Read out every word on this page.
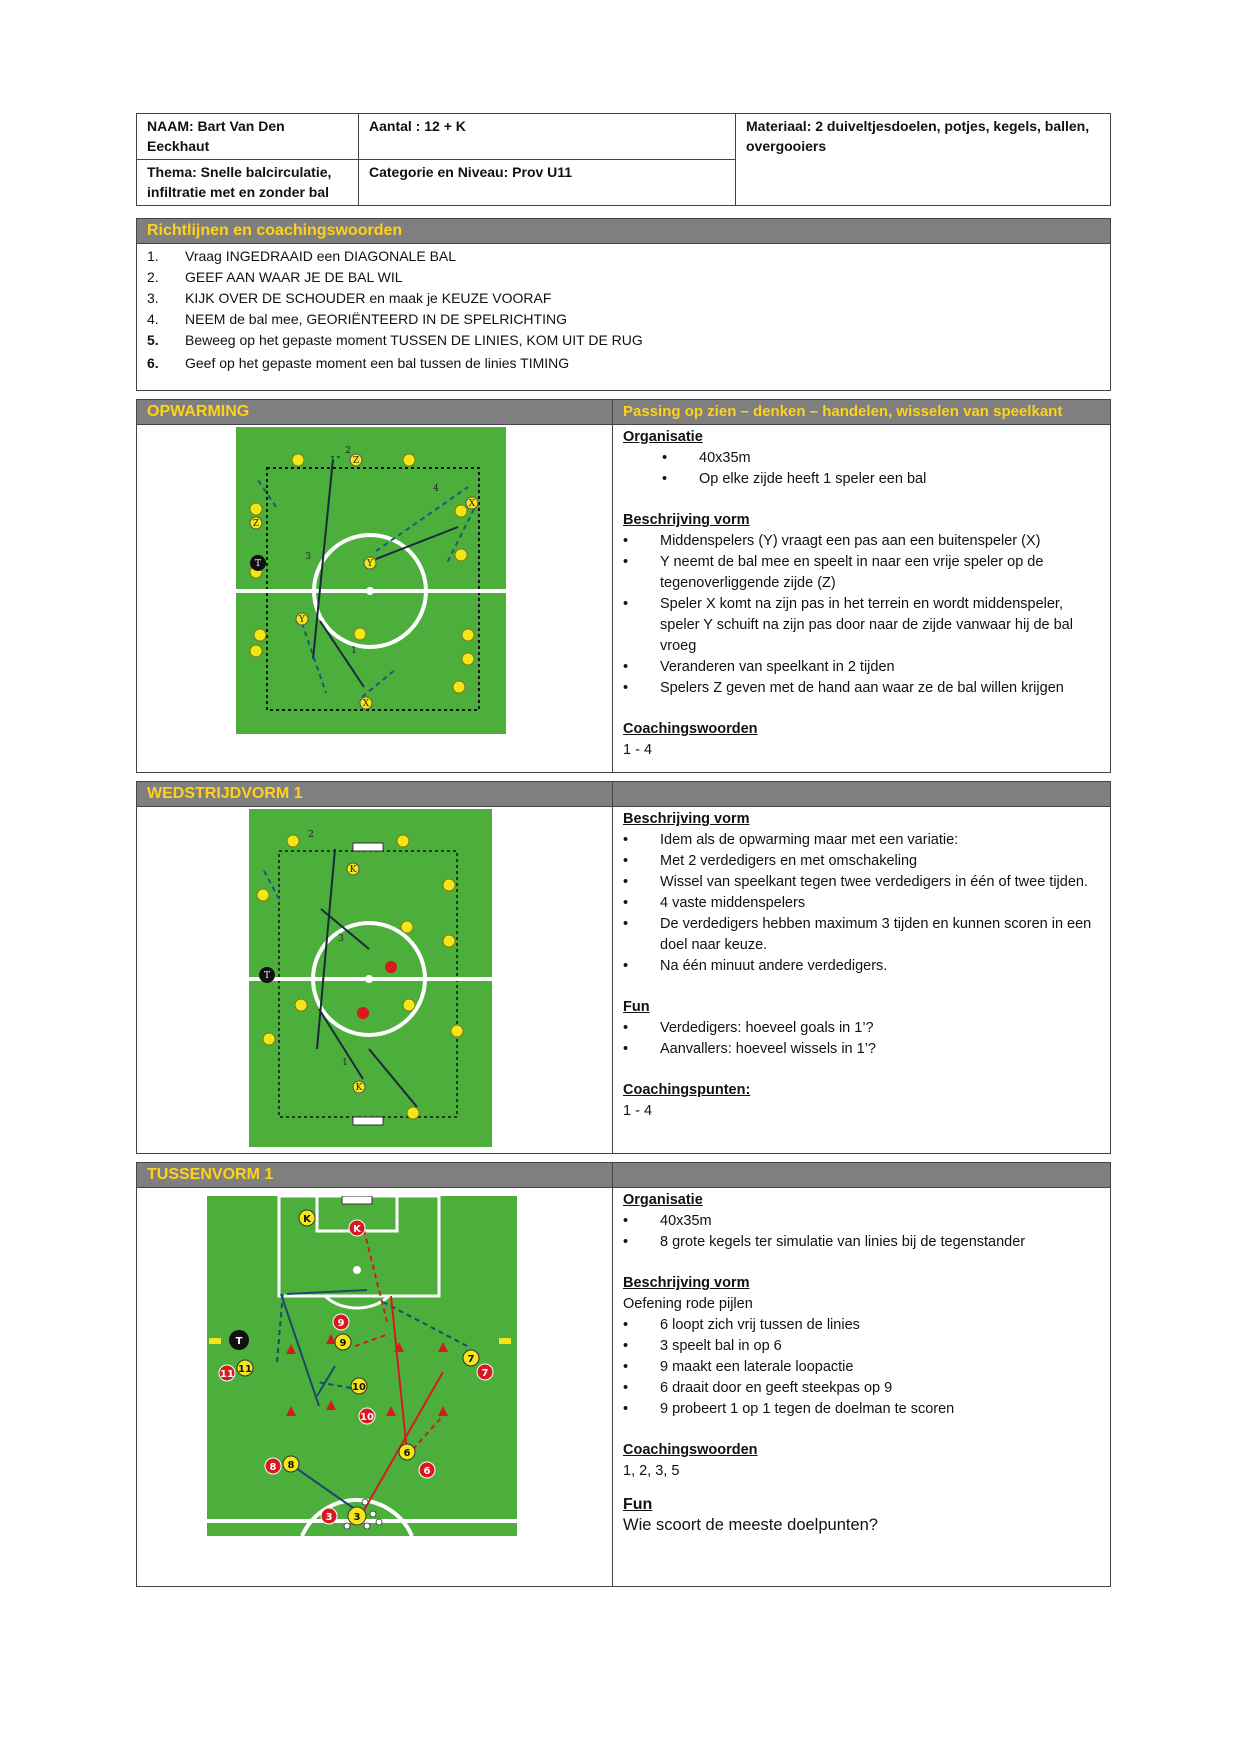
NAAM: Bart Van Den Eeckhaut	Aantal : 12 + K	Materiaal: 2 duiveltjesdoelen, potjes, kegels, ballen, overgooiers
Thema: Snelle balcirculatie, infiltratie met en zonder bal	Categorie en Niveau: Prov U11	
Richtlijnen en coachingswoorden
1.	Vraag INGEDRAAID een DIAGONALE BAL
2.	GEEF AAN WAAR JE DE BAL WIL
3.	KIJK OVER DE SCHOUDER en maak je KEUZE VOORAF
4.	NEEM de bal mee, GEORIËNTEERD IN DE SPELRICHTING
5.	Beweeg op het gepaste moment TUSSEN DE LINIES, KOM UIT DE RUG
6.	Geef op het gepaste moment een bal tussen de linies TIMING
OPWARMING	Passing op zien – denken – handelen, wisselen van speelkant
Z
Z
X
Y
T
Y
X
1
2
3
4
Organisatie
•	40x35m
•	Op elke zijde heeft 1 speler een bal
Beschrijving vorm
•	Middenspelers (Y) vraagt een pas aan een buitenspeler (X)
•	Y neemt de bal mee en speelt in naar een vrije speler op de tegenoverliggende zijde (Z)
•	Speler X komt na zijn pas in het terrein en wordt middenspeler, speler Y schuift na zijn pas door naar de zijde vanwaar hij de bal vroeg
•	Veranderen van speelkant in 2 tijden
•	Spelers Z geven met de hand aan waar ze de bal willen krijgen
Coachingswoorden
1 - 4
WEDSTRIJDVORM 1
K
K
T
1
2
3
Beschrijving vorm
•	Idem als de opwarming maar met een variatie:
•	Met 2 verdedigers en met omschakeling
•	Wissel van speelkant tegen twee verdedigers in één of twee tijden.
•	4 vaste middenspelers
•	De verdedigers hebben maximum 3 tijden en kunnen scoren in een doel naar keuze.
•	Na één minuut andere verdedigers.
Fun
•	Verdedigers: hoeveel goals in 1’?
•	Aanvallers: hoeveel wissels in 1’?
Coachingspunten:
1 - 4
TUSSENVORM 1
K
K
T
9
9
11 11
10
10
8 8
7
7
6
6
3 3
Organisatie
•	40x35m
•	8 grote kegels ter simulatie van linies bij de tegenstander
Beschrijving vorm
Oefening rode pijlen
•	6 loopt zich vrij tussen de linies
•	3 speelt bal in op 6
•	9 maakt een laterale loopactie
•	6 draait door en geeft steekpas op 9
•	9 probeert 1 op 1 tegen de doelman te scoren
Coachingswoorden
1, 2, 3, 5
Fun
Wie scoort de meeste doelpunten?
